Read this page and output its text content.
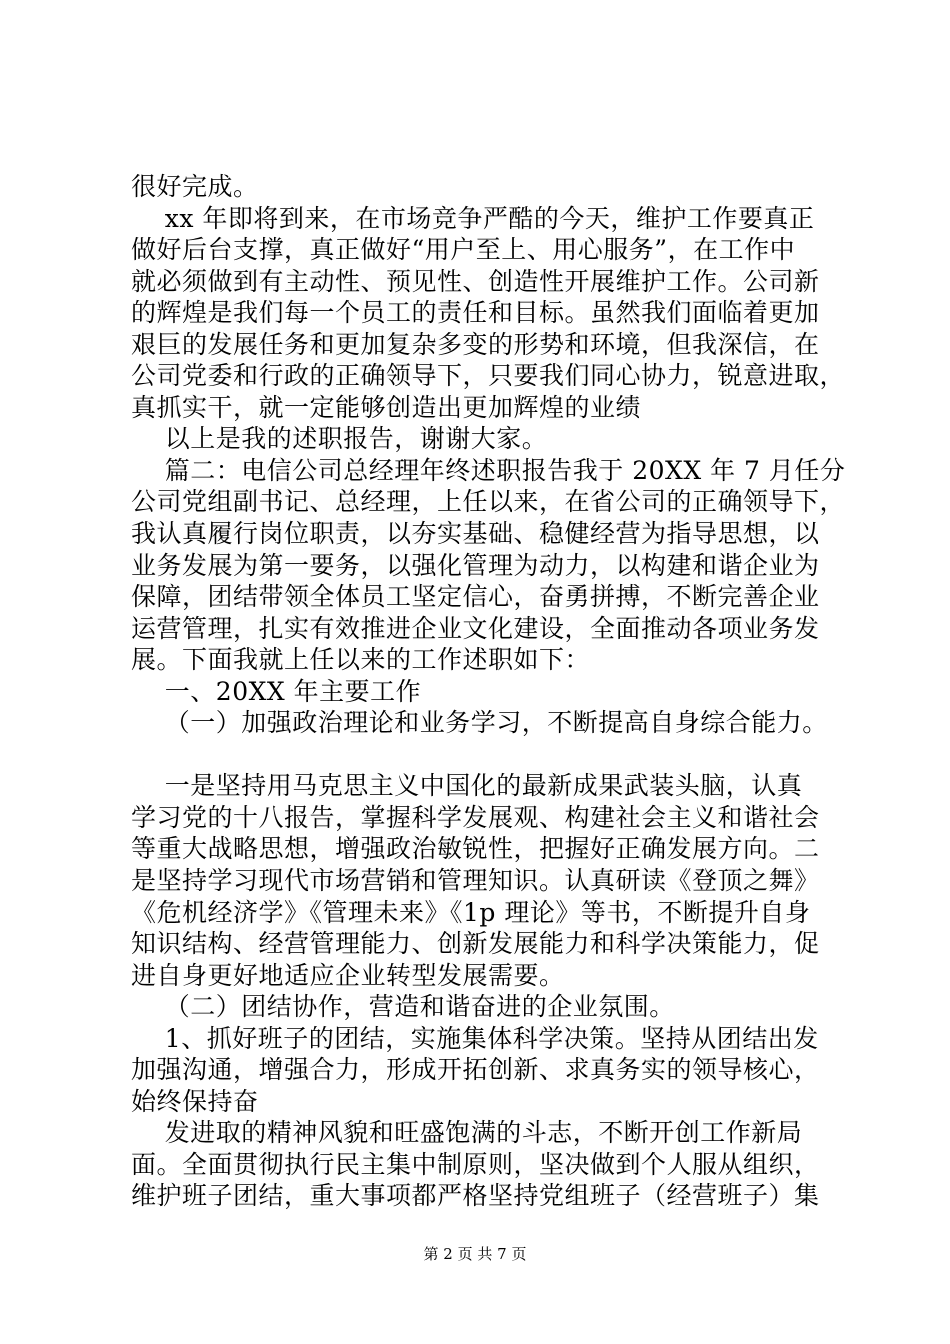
很好完成。
xx 年即将到来，在市场竞争严酷的今天，维护工作要真正
做好后台支撑，真正做好“用户至上、用心服务”，在工作中
就必须做到有主动性、预见性、创造性开展维护工作。公司新
的辉煌是我们每一个员工的责任和目标。虽然我们面临着更加
艰巨的发展任务和更加复杂多变的形势和环境，但我深信，在
公司党委和行政的正确领导下，只要我们同心协力，锐意进取，
真抓实干，就一定能够创造出更加辉煌的业绩
以上是我的述职报告，谢谢大家。
篇二：电信公司总经理年终述职报告我于 20XX 年 7 月任分
公司党组副书记、总经理，上任以来，在省公司的正确领导下，
我认真履行岗位职责，以夯实基础、稳健经营为指导思想，以
业务发展为第一要务，以强化管理为动力，以构建和谐企业为
保障，团结带领全体员工坚定信心，奋勇拼搏，不断完善企业
运营管理，扎实有效推进企业文化建设，全面推动各项业务发
展。下面我就上任以来的工作述职如下：
一、20XX 年主要工作
（一）加强政治理论和业务学习，不断提高自身综合能力。
一是坚持用马克思主义中国化的最新成果武装头脑，认真
学习党的十八报告，掌握科学发展观、构建社会主义和谐社会
等重大战略思想，增强政治敏锐性，把握好正确发展方向。二
是坚持学习现代市场营销和管理知识。认真研读《登顶之舞》
《危机经济学》《管理未来》《1p 理论》等书，不断提升自身
知识结构、经营管理能力、创新发展能力和科学决策能力，促
进自身更好地适应企业转型发展需要。
（二）团结协作，营造和谐奋进的企业氛围。
1、抓好班子的团结，实施集体科学决策。坚持从团结出发
加强沟通，增强合力，形成开拓创新、求真务实的领导核心，
始终保持奋
发进取的精神风貌和旺盛饱满的斗志，不断开创工作新局
第 2 页 共 7 页
面。全面贯彻执行民主集中制原则，坚决做到个人服从组织，
维护班子团结，重大事项都严格坚持党组班子（经营班子）集
